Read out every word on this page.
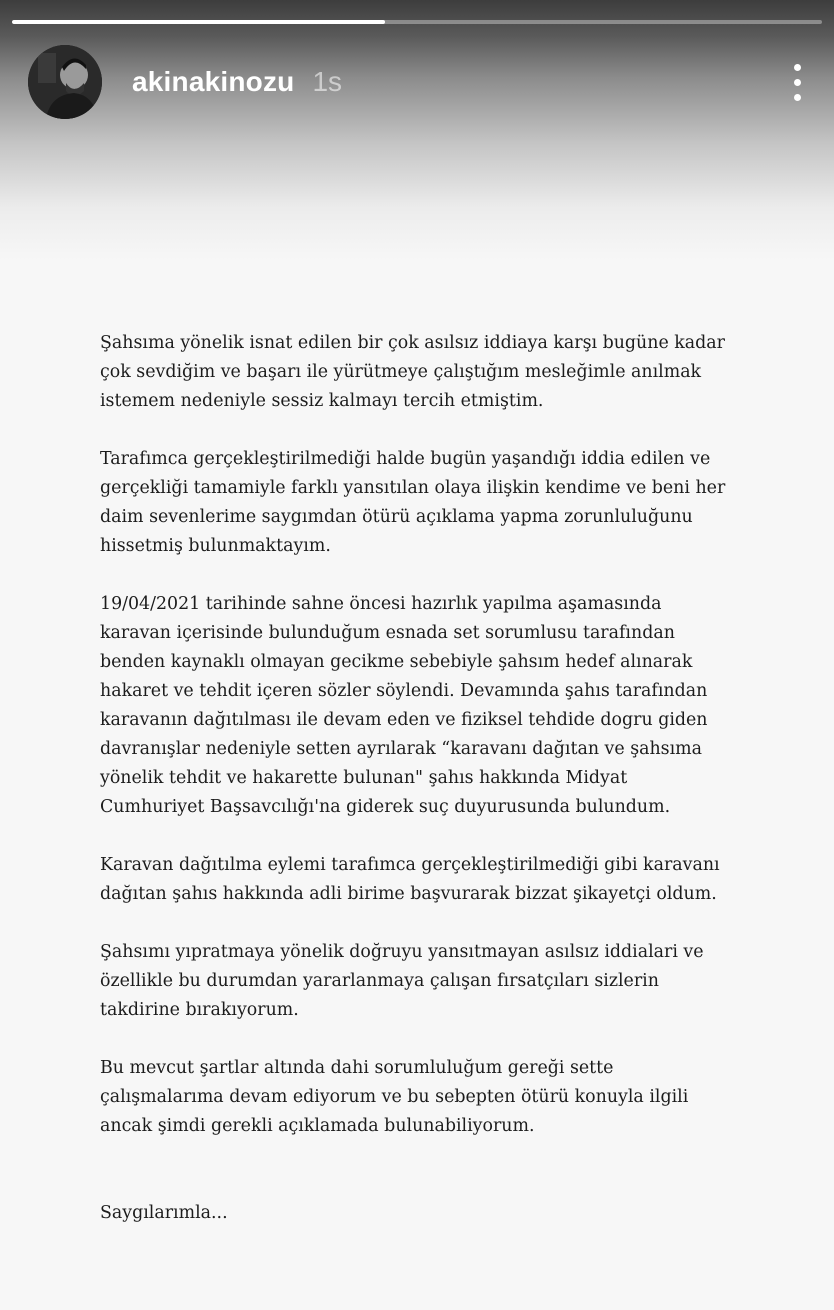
akinakinozu 1s

Şahsıma yönelik isnat edilen bir çok asılsız iddiaya karşı bugüne kadar
çok sevdiğim ve başarı ile yürütmeye çalıştığım mesleğimle anılmak
istemem nedeniyle sessiz kalmayı tercih etmiştim.

Tarafımca gerçekleştirilmediği halde bugün yaşandığı iddia edilen ve
gerçekliği tamamiyle farklı yansıtılan olaya ilişkin kendime ve beni her
daim sevenlerime saygımdan ötürü açıklama yapma zorunluluğunu
hissetmiş bulunmaktayım.

19/04/2021 tarihinde sahne öncesi hazırlık yapılma aşamasında
karavan içerisinde bulunduğum esnada set sorumlusu tarafından
benden kaynaklı olmayan gecikme sebebiyle şahsım hedef alınarak
hakaret ve tehdit içeren sözler söylendi. Devamında şahıs tarafından
karavanın dağıtılması ile devam eden ve fiziksel tehdide dogru giden
davranışlar nedeniyle setten ayrılarak “karavanı dağıtan ve şahsıma
yönelik tehdit ve hakarette bulunan" şahıs hakkında Midyat
Cumhuriyet Başsavcılığı'na giderek suç duyurusunda bulundum.

Karavan dağıtılma eylemi tarafımca gerçekleştirilmediği gibi karavanı
dağıtan şahıs hakkında adli birime başvurarak bizzat şikayetçi oldum.

Şahsımı yıpratmaya yönelik doğruyu yansıtmayan asılsız iddialari ve
özellikle bu durumdan yararlanmaya çalışan fırsatçıları sizlerin
takdirine bırakıyorum.

Bu mevcut şartlar altında dahi sorumluluğum gereği sette
çalışmalarıma devam ediyorum ve bu sebepten ötürü konuyla ilgili
ancak şimdi gerekli açıklamada bulunabiliyorum.

Saygılarımla...
